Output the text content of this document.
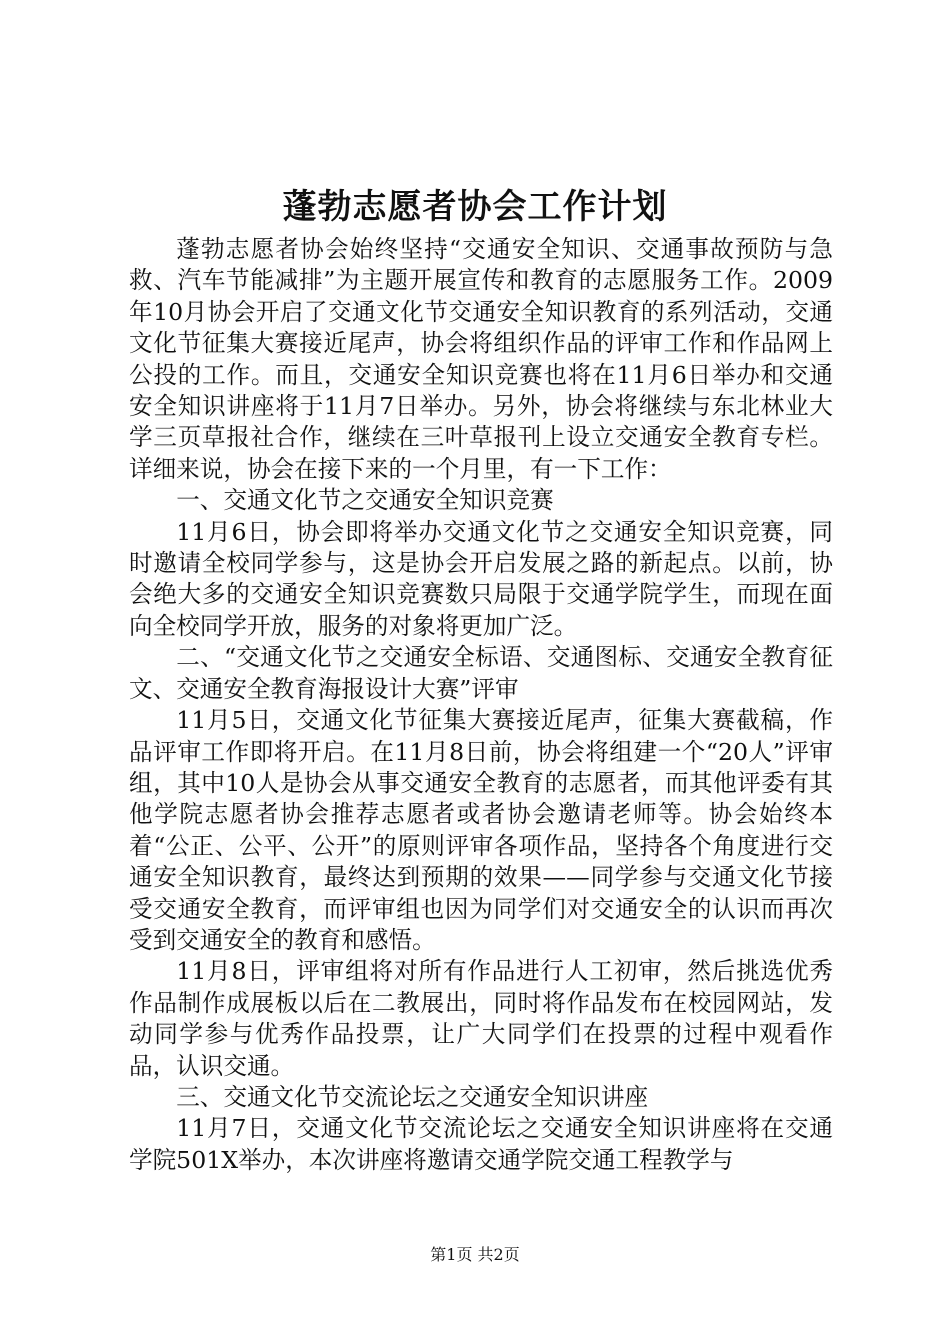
蓬勃志愿者协会工作计划

蓬勃志愿者协会始终坚持“交通安全知识、交通事故预防与急救、汽车节能减排”为主题开展宣传和教育的志愿服务工作。2009年10月协会开启了交通文化节交通安全知识教育的系列活动，交通文化节征集大赛接近尾声，协会将组织作品的评审工作和作品网上公投的工作。而且，交通安全知识竞赛也将在11月6日举办和交通安全知识讲座将于11月7日举办。另外，协会将继续与东北林业大学三页草报社合作，继续在三叶草报刊上设立交通安全教育专栏。详细来说，协会在接下来的一个月里，有一下工作：

一、交通文化节之交通安全知识竞赛

11月6日，协会即将举办交通文化节之交通安全知识竞赛，同时邀请全校同学参与，这是协会开启发展之路的新起点。以前，协会绝大多的交通安全知识竞赛数只局限于交通学院学生，而现在面向全校同学开放，服务的对象将更加广泛。

二、“交通文化节之交通安全标语、交通图标、交通安全教育征文、交通安全教育海报设计大赛”评审

11月5日，交通文化节征集大赛接近尾声，征集大赛截稿，作品评审工作即将开启。在11月8日前，协会将组建一个“20人”评审组，其中10人是协会从事交通安全教育的志愿者，而其他评委有其他学院志愿者协会推荐志愿者或者协会邀请老师等。协会始终本着“公正、公平、公开”的原则评审各项作品，坚持各个角度进行交通安全知识教育，最终达到预期的效果——同学参与交通文化节接受交通安全教育，而评审组也因为同学们对交通安全的认识而再次受到交通安全的教育和感悟。

11月8日，评审组将对所有作品进行人工初审，然后挑选优秀作品制作成展板以后在二教展出，同时将作品发布在校园网站，发动同学参与优秀作品投票，让广大同学们在投票的过程中观看作品，认识交通。

三、交通文化节交流论坛之交通安全知识讲座

11月7日，交通文化节交流论坛之交通安全知识讲座将在交通学院501X举办，本次讲座将邀请交通学院交通工程教学与

第1页 共2页
